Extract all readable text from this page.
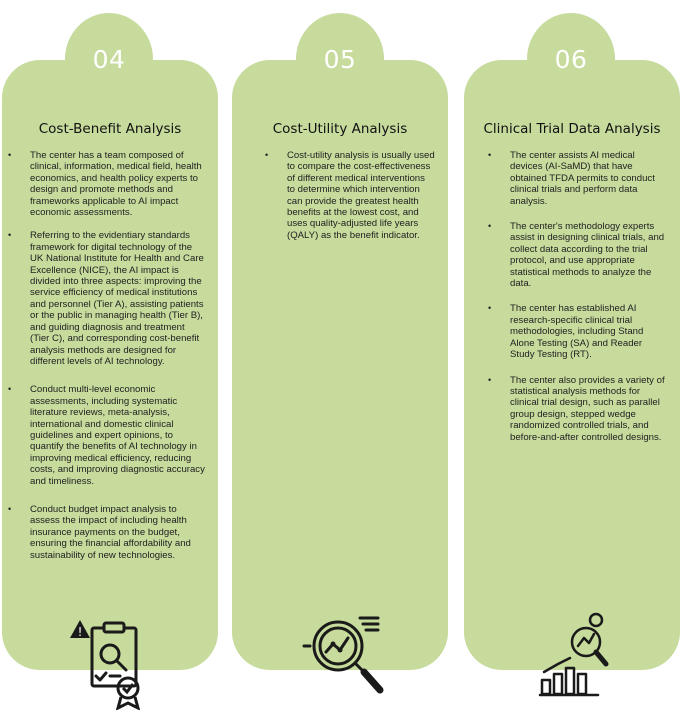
04
Cost-Benefit Analysis
• The center has a team composed of clinical, information, medical field, health economics, and health policy experts to design and promote methods and frameworks applicable to AI impact economic assessments.
• Referring to the evidentiary standards framework for digital technology of the UK National Institute for Health and Care Excellence (NICE), the AI impact is divided into three aspects: improving the service efficiency of medical institutions and personnel (Tier A), assisting patients or the public in managing health (Tier B), and guiding diagnosis and treatment (Tier C), and corresponding cost-benefit analysis methods are designed for different levels of AI technology.
• Conduct multi-level economic assessments, including systematic literature reviews, meta-analysis, international and domestic clinical guidelines and expert opinions, to quantify the benefits of AI technology in improving medical efficiency, reducing costs, and improving diagnostic accuracy and timeliness.
• Conduct budget impact analysis to assess the impact of including health insurance payments on the budget, ensuring the financial affordability and sustainability of new technologies.
!
05
Cost-Utility Analysis
• Cost-utility analysis is usually used to compare the cost-effectiveness of different medical interventions to determine which intervention can provide the greatest health benefits at the lowest cost, and uses quality-adjusted life years (QALY) as the benefit indicator.
06
Clinical Trial Data Analysis
• The center assists AI medical devices (AI-SaMD) that have obtained TFDA permits to conduct clinical trials and perform data analysis.
• The center's methodology experts assist in designing clinical trials, and collect data according to the trial protocol, and use appropriate statistical methods to analyze the data.
• The center has established AI research-specific clinical trial methodologies, including Stand Alone Testing (SA) and Reader Study Testing (RT).
• The center also provides a variety of statistical analysis methods for clinical trial design, such as parallel group design, stepped wedge randomized controlled trials, and before-and-after controlled designs.
